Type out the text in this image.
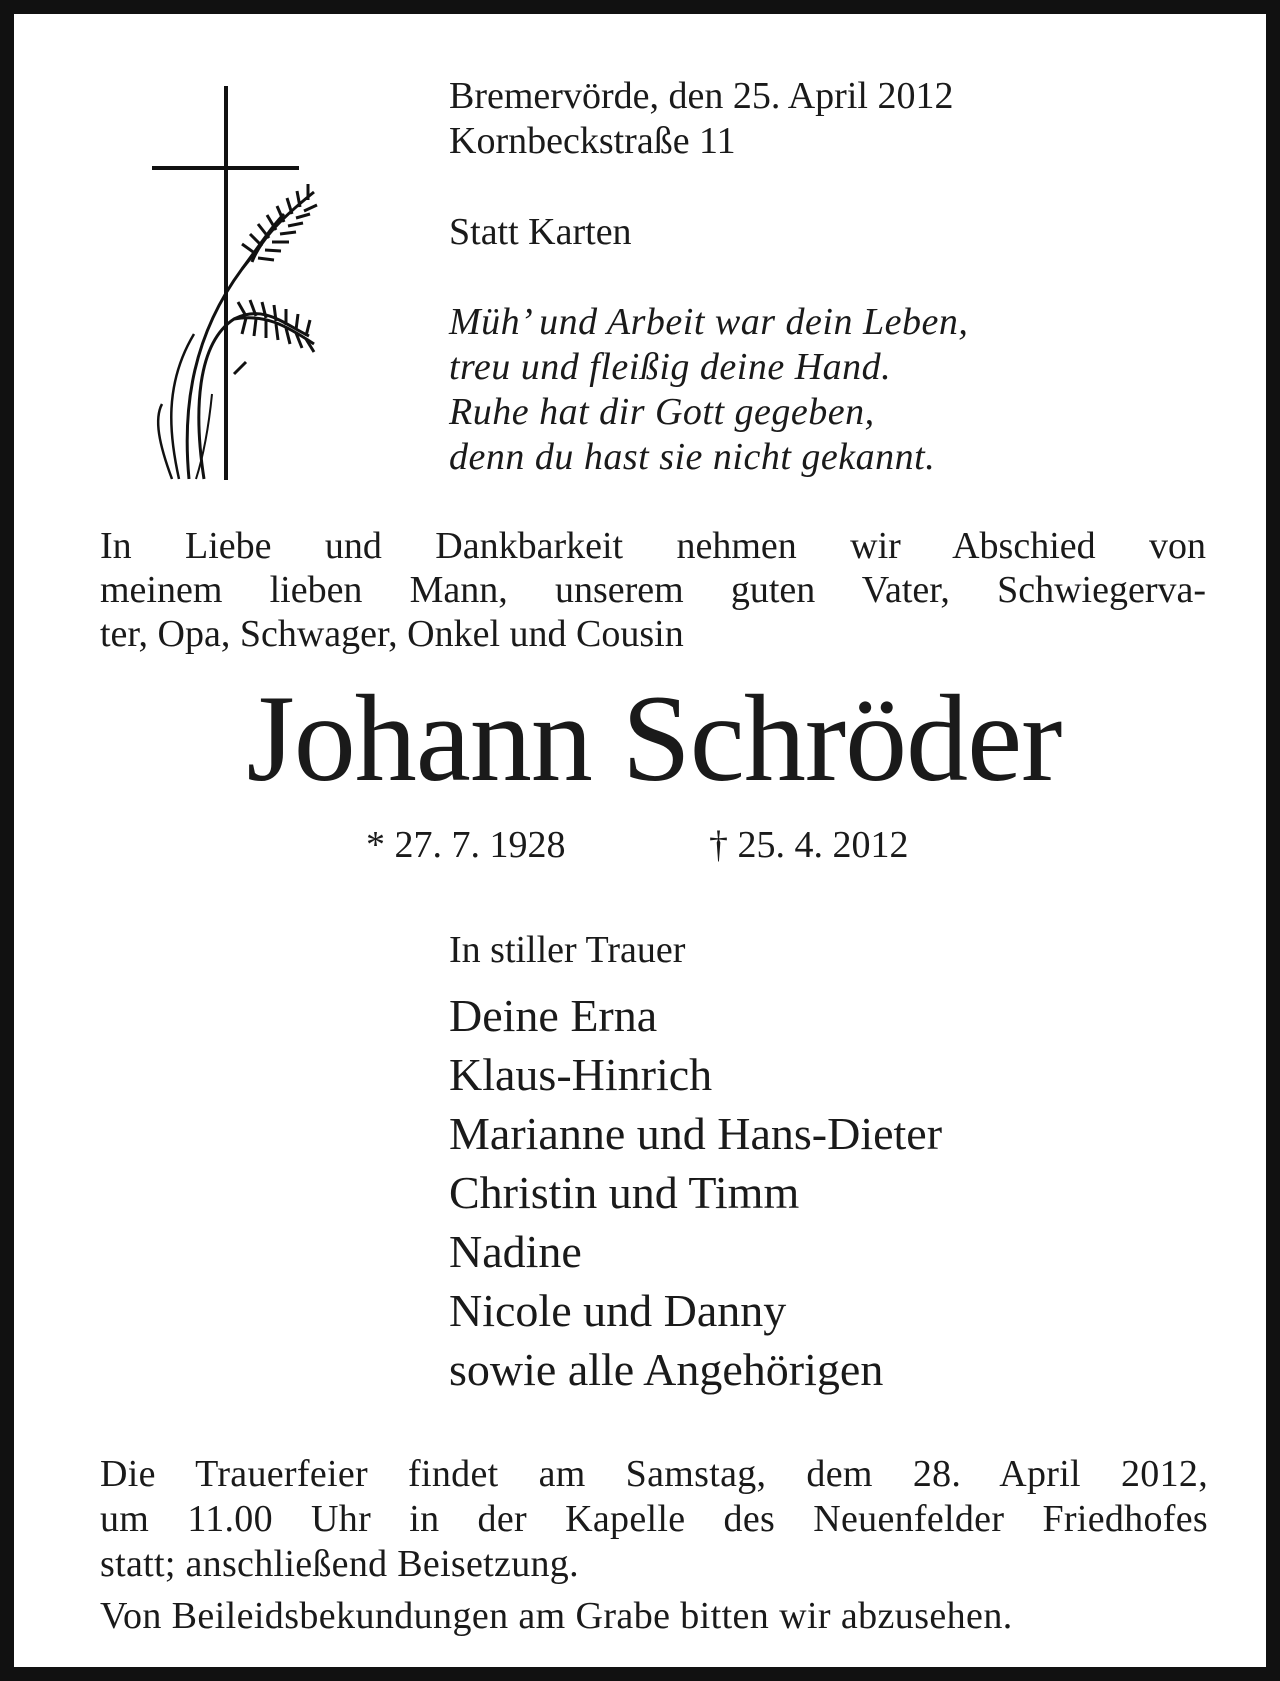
Bremervörde, den 25. April 2012
Kornbeckstraße 11
Statt Karten
Müh’ und Arbeit war dein Leben,
treu und fleißig deine Hand.
Ruhe hat dir Gott gegeben,
denn du hast sie nicht gekannt.
In Liebe und Dankbarkeit nehmen wir Abschied von
meinem lieben Mann, unserem guten Vater, Schwiegerva-
ter, Opa, Schwager, Onkel und Cousin
Johann Schröder
* 27. 7. 1928	† 25. 4. 2012
In stiller Trauer
Deine Erna
Klaus-Hinrich
Marianne und Hans-Dieter
Christin und Timm
Nadine
Nicole und Danny
sowie alle Angehörigen
Die Trauerfeier findet am Samstag, dem 28. April 2012,
um 11.00 Uhr in der Kapelle des Neuenfelder Friedhofes
statt; anschließend Beisetzung.
Von Beileidsbekundungen am Grabe bitten wir abzusehen.
